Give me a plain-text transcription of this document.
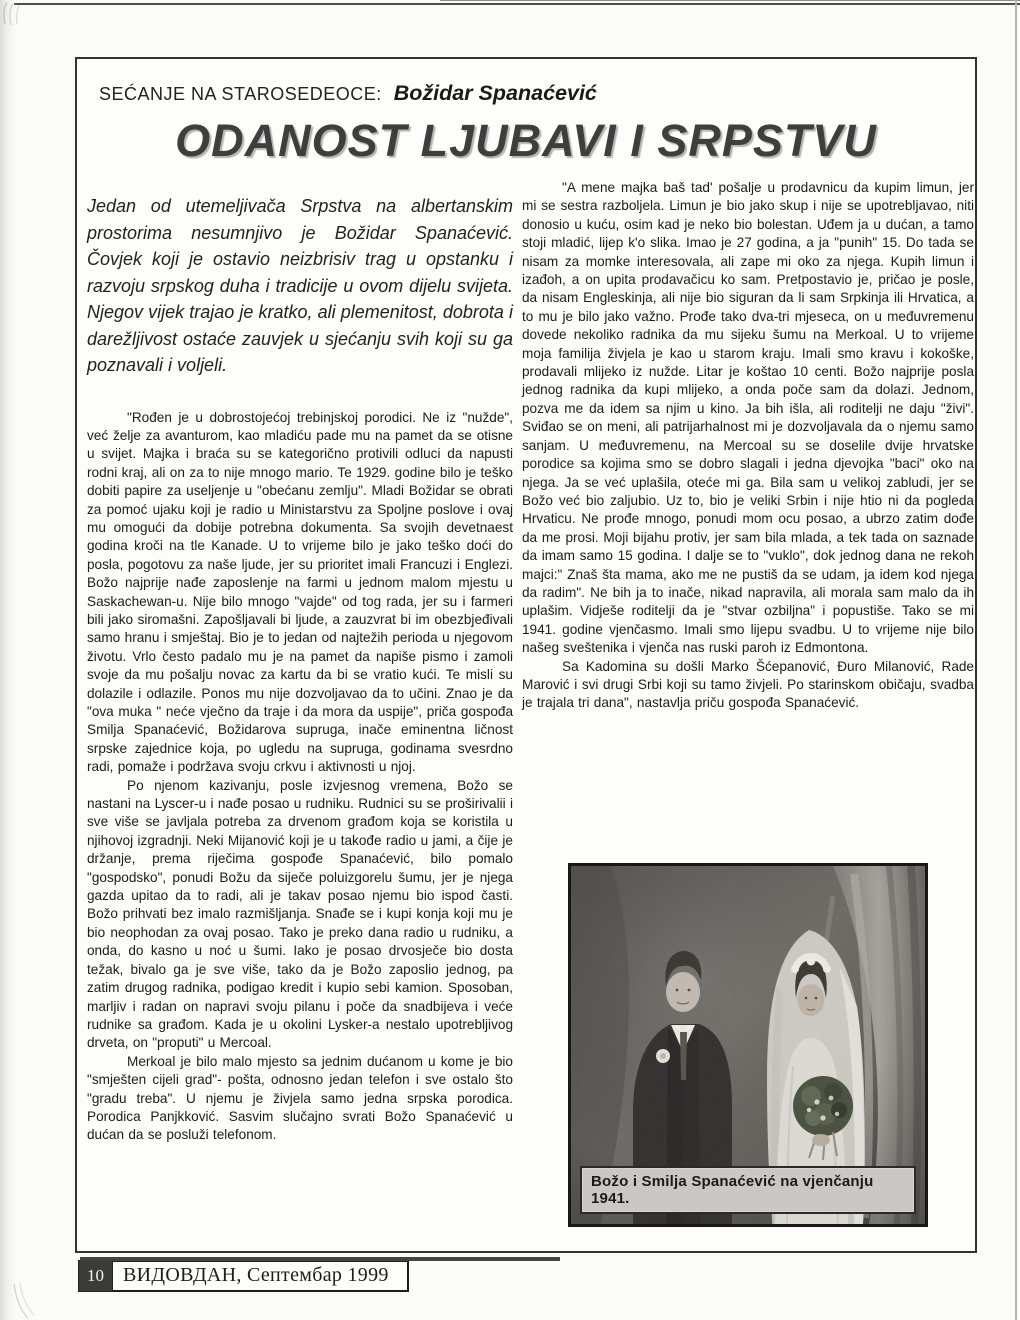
SEĆANJE NA STAROSEDEOCE: Božidar Spanaćević
ODANOST LJUBAVI I SRPSTVU

Jedan od utemeljivača Srpstva na albertanskim prostorima nesumnjivo je Božidar Spanaćević. Čovjek koji je ostavio neizbrisiv trag u opstanku i razvoju srpskog duha i tradicije u ovom dijelu svijeta. Njegov vijek trajao je kratko, ali plemenitost, dobrota i darežljivost ostaće zauvjek u sjećanju svih koji su ga poznavali i voljeli.

"Rođen je u dobrostojećoj trebinjskoj porodici. Ne iz "nužde", već želje za avanturom, kao mladiću pade mu na pamet da se otisne u svijet. Majka i braća su se kategorično protivili odluci da napusti rodni kraj, ali on za to nije mnogo mario. Te 1929. godine bilo je teško dobiti papire za useljenje u "obećanu zemlju". Mladi Božidar se obrati za pomoć ujaku koji je radio u Ministarstvu za Spoljne poslove i ovaj mu omogući da dobije potrebna dokumenta. Sa svojih devetnaest godina kroči na tle Kanade. U to vrijeme bilo je jako teško doći do posla, pogotovu za naše ljude, jer su prioritet imali Francuzi i Englezi. Božo najprije nađe zaposlenje na farmi u jednom malom mjestu u Saskachewan-u. Nije bilo mnogo "vajde" od tog rada, jer su i farmeri bili jako siromašni. Zapošljavali bi ljude, a zauzvrat bi im obezbjeđivali samo hranu i smještaj. Bio je to jedan od najtežih perioda u njegovom životu. Vrlo često padalo mu je na pamet da napiše pismo i zamoli svoje da mu pošalju novac za kartu da bi se vratio kući. Te misli su dolazile i odlazile. Ponos mu nije dozvoljavao da to učini. Znao je da "ova muka " neće vječno da traje i da mora da uspije", priča gospođa Smilja Spanaćević, Božidarova supruga, inače eminentna ličnost srpske zajednice koja, po ugledu na supruga, godinama svesrdno radi, pomaže i podržava svoju crkvu i aktivnosti u njoj.

Po njenom kazivanju, posle izvjesnog vremena, Božo se nastani na Lyscer-u i nađe posao u rudniku. Rudnici su se proširivalii i sve više se javljala potreba za drvenom građom koja se koristila u njihovoj izgradnji. Neki Mijanović koji je u takođe radio u jami, a čije je držanje, prema riječima gospođe Spanaćević, bilo pomalo "gospodsko", ponudi Božu da siječe poluizgorelu šumu, jer je njega gazda upitao da to radi, ali je takav posao njemu bio ispod časti. Božo prihvati bez imalo razmišljanja. Snađe se i kupi konja koji mu je bio neophodan za ovaj posao. Tako je preko dana radio u rudniku, a onda, do kasno u noć u šumi. Iako je posao drvosječe bio dosta težak, bivalo ga je sve više, tako da je Božo zaposlio jednog, pa zatim drugog radnika, podigao kredit i kupio sebi kamion. Sposoban, marljiv i radan on napravi svoju pilanu i poče da snadbijeva i veće rudnike sa građom. Kada je u okolini Lysker-a nestalo upotrebljivog drveta, on "proputi" u Mercoal.

Merkoal je bilo malo mjesto sa jednim dućanom u kome je bio "smješten cijeli grad"- pošta, odnosno jedan telefon i sve ostalo što "gradu treba". U njemu je živjela samo jedna srpska porodica. Porodica Panjkković. Sasvim slučajno svrati Božo Spanaćević u dućan da se posluži telefonom.

"A mene majka baš tad' pošalje u prodavnicu da kupim limun, jer mi se sestra razboljela. Limun je bio jako skup i nije se upotrebljavao, niti donosio u kuću, osim kad je neko bio bolestan. Uđem ja u dućan, a tamo stoji mladić, lijep k'o slika. Imao je 27 godina, a ja "punih" 15. Do tada se nisam za momke interesovala, ali zape mi oko za njega. Kupih limun i izađoh, a on upita prodavačicu ko sam. Pretpostavio je, pričao je posle, da nisam Engleskinja, ali nije bio siguran da li sam Srpkinja ili Hrvatica, a to mu je bilo jako važno. Prođe tako dva-tri mjeseca, on u međuvremenu dovede nekoliko radnika da mu sijeku šumu na Merkoal. U to vrijeme moja familija živjela je kao u starom kraju. Imali smo kravu i kokoške, prodavali mlijeko iz nužde. Litar je koštao 10 centi. Božo najprije posla jednog radnika da kupi mlijeko, a onda poče sam da dolazi. Jednom, pozva me da idem sa njim u kino. Ja bih išla, ali roditelji ne daju "živi". Sviđao se on meni, ali patrijarhalnost mi je dozvoljavala da o njemu samo sanjam. U međuvremenu, na Mercoal su se doselile dvije hrvatske porodice sa kojima smo se dobro slagali i jedna djevojka "baci" oko na njega. Ja se već uplašila, oteće mi ga. Bila sam u velikoj zabludi, jer se Božo već bio zaljubio. Uz to, bio je veliki Srbin i nije htio ni da pogleda Hrvaticu. Ne prođe mnogo, ponudi mom ocu posao, a ubrzo zatim dođe da me prosi. Moji bijahu protiv, jer sam bila mlada, a tek tada on saznade da imam samo 15 godina. I dalje se to "vuklo", dok jednog dana ne rekoh majci:" Znaš šta mama, ako me ne pustiš da se udam, ja idem kod njega da radim". Ne bih ja to inače, nikad napravila, ali morala sam malo da ih uplašim. Vidješe roditelji da je "stvar ozbiljna" i popustiše. Tako se mi 1941. godine vjenčasmo. Imali smo lijepu svadbu. U to vrijeme nije bilo našeg sveštenika i vjenča nas ruski paroh iz Edmontona.

Sa Kadomina su došli Marko Šćepanović, Đuro Milanović, Rade Marović i svi drugi Srbi koji su tamo živjeli. Po starinskom običaju, svadba je trajala tri dana", nastavlja priču gospođa Spanaćević.

Božo i Smilja Spanaćević na vjenčanju 1941.
10 ВИДОВДАН, Септембар 1999
